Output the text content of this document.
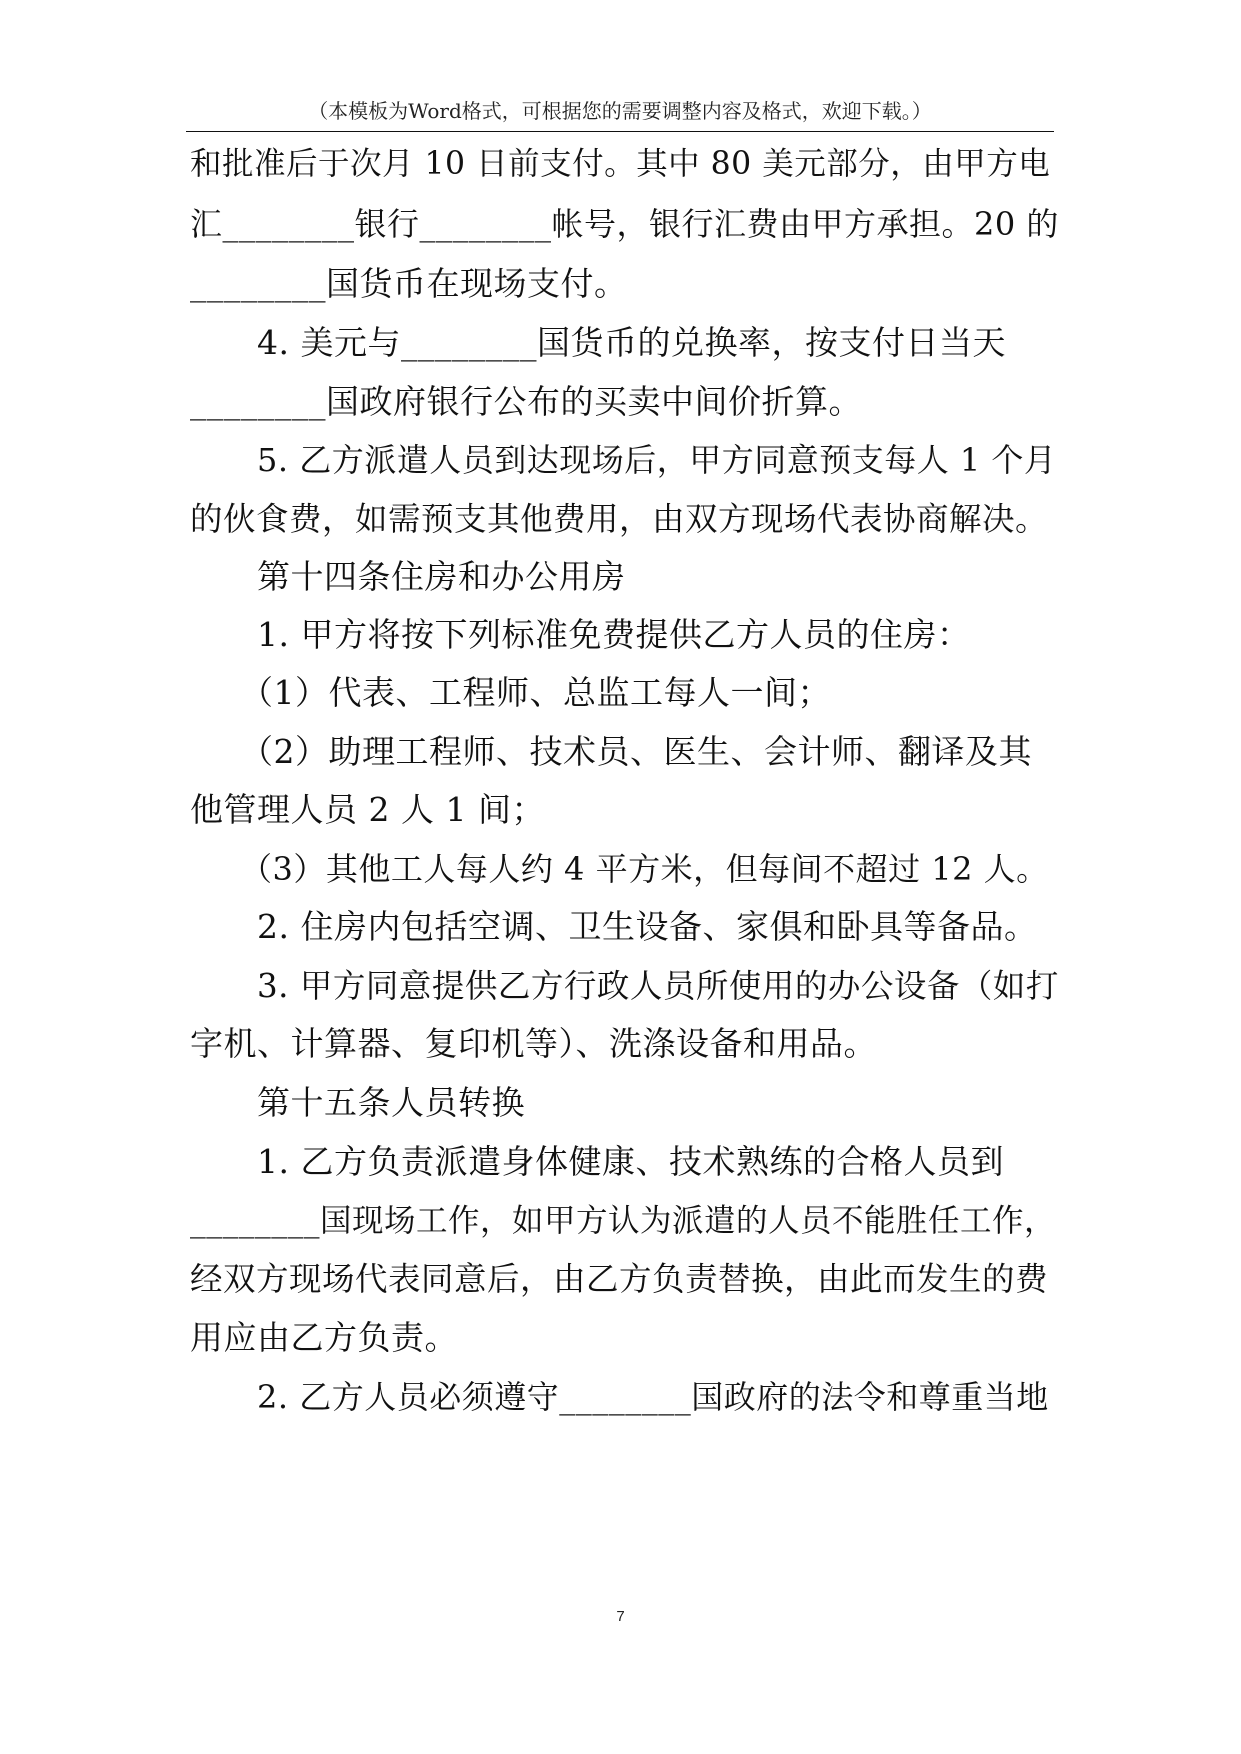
（本模板为Word格式，可根据您的需要调整内容及格式，欢迎下载。）
和批准后于次月 10 日前支付。其中 80 美元部分，由甲方电
汇________银行________帐号，银行汇费由甲方承担。20 的
________国货币在现场支付。
4. 美元与________国货币的兑换率，按支付日当天
________国政府银行公布的买卖中间价折算。
5. 乙方派遣人员到达现场后，甲方同意预支每人 1 个月
的伙食费，如需预支其他费用，由双方现场代表协商解决。
第十四条住房和办公用房
1. 甲方将按下列标准免费提供乙方人员的住房：
（1）代表、工程师、总监工每人一间；
（2）助理工程师、技术员、医生、会计师、翻译及其
他管理人员 2 人 1 间；
（3）其他工人每人约 4 平方米，但每间不超过 12 人。
2. 住房内包括空调、卫生设备、家俱和卧具等备品。
3. 甲方同意提供乙方行政人员所使用的办公设备（如打
字机、计算器、复印机等）、洗涤设备和用品。
第十五条人员转换
1. 乙方负责派遣身体健康、技术熟练的合格人员到
________国现场工作，如甲方认为派遣的人员不能胜任工作，
经双方现场代表同意后，由乙方负责替换，由此而发生的费
用应由乙方负责。
2. 乙方人员必须遵守________国政府的法令和尊重当地
7
